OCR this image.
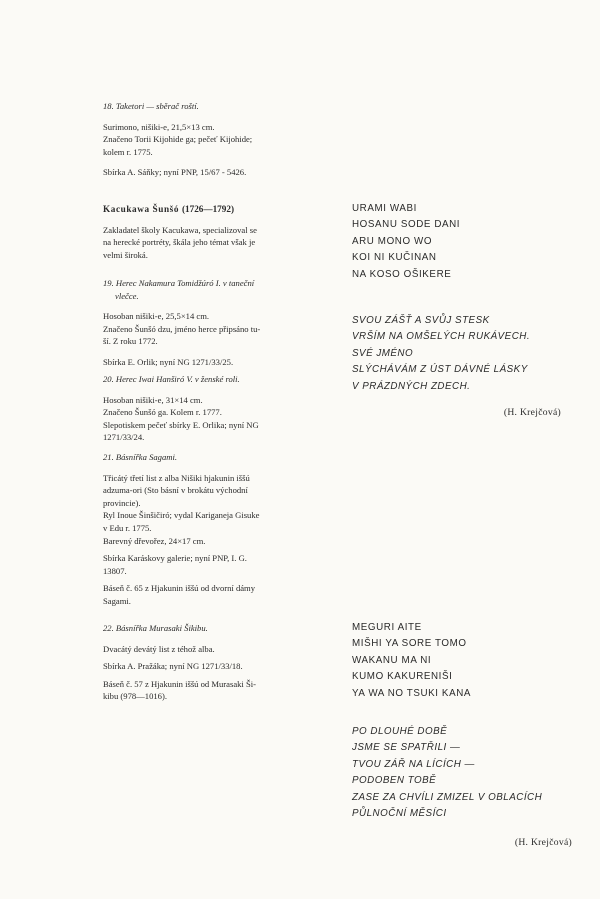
18. Taketori — sběrač roští.

Surimono, nišiki-e, 21,5×13 cm.

Značeno Torii Kijohide ga; pečeť Kijohide;

kolem r. 1775.

Sbírka A. Sáňky; nyní PNP, 15/67 - 5426.

Kacukawa Šunšó (1726—1792)

Zakladatel školy Kacukawa, specializoval se

na herecké portréty, škála jeho témat však je

velmi široká.

19. Herec Nakamura Tomidžúró I. v taneční

vlečce.

Hosoban nišiki-e, 25,5×14 cm.

Značeno Šunšó dzu, jméno herce připsáno tu-

ší. Z roku 1772.

Sbírka E. Orlik; nyní NG 1271/33/25.

20. Herec Iwai Hanširó V. v ženské roli.

Hosoban nišiki-e, 31×14 cm.

Značeno Šunšó ga. Kolem r. 1777.

Slepotiskem pečeť sbírky E. Orlika; nyní NG

1271/33/24.

21. Básnířka Sagami.

Třicátý třetí list z alba Nišiki hjakunin iššú

adzuma-ori (Sto básní v brokátu východní

provincie).

Ryl Inoue Šinšičiró; vydal Kariganeja Gisuke

v Edu r. 1775.

Barevný dřevořez, 24×17 cm.

Sbírka Karáskovy galerie; nyní PNP, I. G.

13807.

Báseň č. 65 z Hjakunin iššú od dvorní dámy

Sagami.

22. Básnířka Murasaki Šikibu.

Dvacátý devátý list z téhož alba.

Sbírka A. Pražáka; nyní NG 1271/33/18.

Báseň č. 57 z Hjakunin iššú od Murasaki Ši-

kibu (978—1016).

URAMI WABI

HOSANU SODE DANI

ARU MONO WO

KOI NI KUČINAN

NA KOSO OŠIKERE

SVOU ZÁŠŤ A SVŮJ STESK

VRŠÍM NA OMŠELÝCH RUKÁVECH.

SVÉ JMÉNO

SLÝCHÁVÁM Z ÚST DÁVNÉ LÁSKY

V PRÁZDNÝCH ZDECH.

(H. Krejčová)

MEGURI AITE

MIŠHI YA SORE TOMO

WAKANU MA NI

KUMO KAKURENIŠI

YA WA NO TSUKI KANA

PO DLOUHÉ DOBĚ

JSME SE SPATŘILI —

TVOU ZÁŘ NA LÍCÍCH —

PODOBEN TOBĚ

ZASE ZA CHVÍLI ZMIZEL V OBLACÍCH

PŮLNOČNÍ MĚSÍCI

(H. Krejčová)
